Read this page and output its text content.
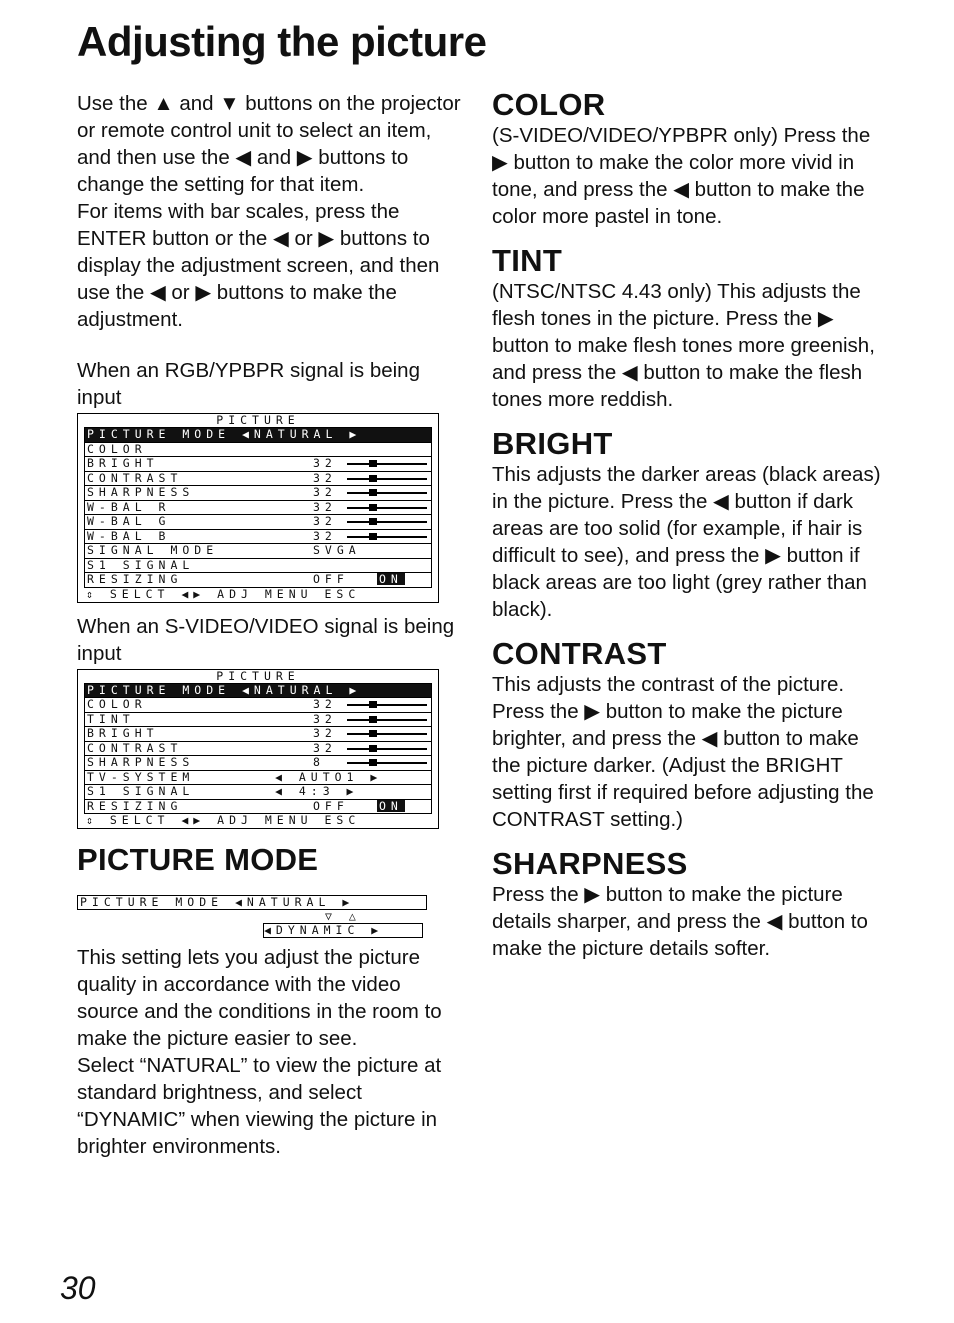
Adjusting the picture

Use the ▲ and ▼ buttons on the projector or remote control unit to select an item, and then use the ◀ and ▶ buttons to change the setting for that item.

For items with bar scales, press the ENTER button or the ◀ or ▶ buttons to display the adjustment screen, and then use the ◀ or ▶ buttons to make the adjustment.

When an RGB/YPBPR signal is being input

PICTURE
PICTURE MODE ◀NATURAL ▶
COLOR
BRIGHT	32
CONTRAST	32
SHARPNESS	32
W-BAL R	32
W-BAL G	32
W-BAL B	32
SIGNAL MODE	SVGA
S1 SIGNAL
RESIZING	OFF	ON
⇕ SELCT ◀▶ ADJ MENU ESC

When an S-VIDEO/VIDEO signal is being input

PICTURE
PICTURE MODE ◀NATURAL ▶
COLOR	32
TINT	32
BRIGHT	32
CONTRAST	32
SHARPNESS	8
TV-SYSTEM	◀ AUTO1 ▶
S1 SIGNAL	◀ 4:3 ▶
RESIZING	OFF	ON
⇕ SELCT ◀▶ ADJ MENU ESC

PICTURE MODE

PICTURE MODE ◀NATURAL ▶
▽ △
◀DYNAMIC ▶

This setting lets you adjust the picture quality in accordance with the video source and the conditions in the room to make the picture easier to see.

Select “NATURAL” to view the picture at standard brightness, and select “DYNAMIC” when viewing the picture in brighter environments.

COLOR

(S-VIDEO/VIDEO/YPBPR only) Press the ▶ button to make the color more vivid in tone, and press the ◀ button to make the color more pastel in tone.

TINT

(NTSC/NTSC 4.43 only) This adjusts the flesh tones in the picture. Press the ▶ button to make flesh tones more greenish, and press the ◀ button to make the flesh tones more reddish.

BRIGHT

This adjusts the darker areas (black areas) in the picture. Press the ◀ button if dark areas are too solid (for example, if hair is difficult to see), and press the ▶ button if black areas are too light (grey rather than black).

CONTRAST

This adjusts the contrast of the picture. Press the ▶ button to make the picture brighter, and press the ◀ button to make the picture darker. (Adjust the BRIGHT setting first if required before adjusting the CONTRAST setting.)

SHARPNESS

Press the ▶ button to make the picture details sharper, and press the ◀ button to make the picture details softer.

30
